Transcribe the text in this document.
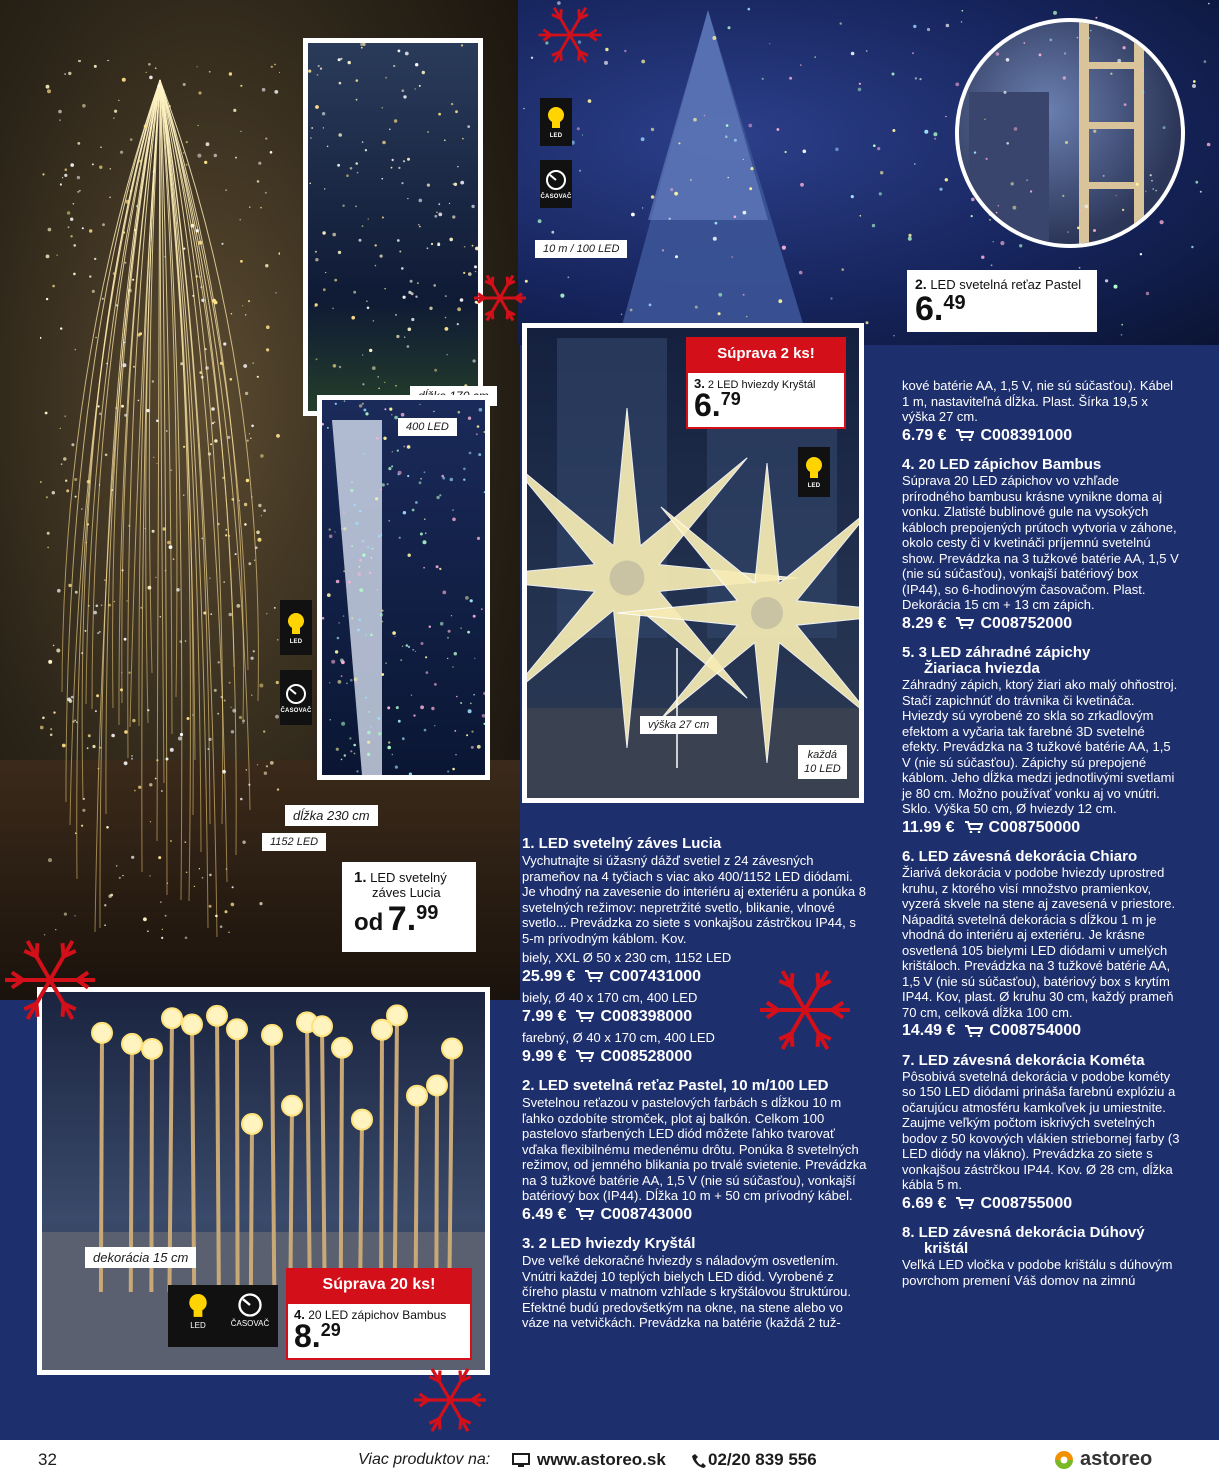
10 m / 100 LED
LED
ČASOVAČ
2. LED svetelná reťaz Pastel
6.49
400 LED
LED
ČASOVAČ
dĺžka 230 cm
1152 LED
1. LED svetelný
záves Lucia
od 7.99
Súprava 2 ks!
3. 2 LED hviezdy Kryštál
6.79
LED
výška 27 cm
každá
10 LED
dekorácia 15 cm
LED	ČASOVAČ
Súprava 20 ks!
4. 20 LED zápichov Bambus
8.29

1. LED svetelný záves Lucia

Vychutnajte si úžasný dážď svetiel z 24 závesných prameňov na 4 tyčiach s viac ako 400/1152 LED diódami. Je vhodný na zavesenie do interiéru aj exteriéru a ponúka 8 svetelných režimov: nepretržité svetlo, blikanie, vlnové svetlo... Prevádzka zo siete s vonkajšou zástrčkou IP44, s 5-m prívodným káblom. Kov.

biely, XXL Ø 50 x 230 cm, 1152 LED

25.99 € C007431000

biely, Ø 40 x 170 cm, 400 LED

7.99 € C008398000

farebný, Ø 40 x 170 cm, 400 LED

9.99 € C008528000

2. LED svetelná reťaz Pastel, 10 m/100 LED

Svetelnou reťazou v pastelových farbách s dĺžkou 10 m ľahko ozdobíte stromček, plot aj balkón. Celkom 100 pastelovo sfarbených LED diód môžete ľahko tvarovať vďaka flexibilnému medenému drôtu. Ponúka 8 svetelných režimov, od jemného blikania po trvalé svietenie. Prevádzka na 3 tužkové batérie AA, 1,5 V (nie sú súčasťou), vonkajší batériový box (IP44). Dĺžka 10 m + 50 cm prívodný kábel.

6.49 € C008743000

3. 2 LED hviezdy Kryštál

Dve veľké dekoračné hviezdy s náladovým osvetlením. Vnútri každej 10 teplých bielych LED diód. Vyrobené z číreho plastu v matnom vzhľade s kryštálovou štruktúrou. Efektné budú predovšetkým na okne, na stene alebo vo váze na vetvičkách. Prevádzka na batérie (každá 2 tuž-

kové batérie AA, 1,5 V, nie sú súčasťou). Kábel 1 m, nastaviteľná dĺžka. Plast. Šírka 19,5 x výška 27 cm.

6.79 € C008391000

4. 20 LED zápichov Bambus

Súprava 20 LED zápichov vo vzhľade prírodného bambusu krásne vynikne doma aj vonku. Zlatisté bublinové gule na vysokých kábloch prepojených prútoch vytvoria v záhone, okolo cesty či v kvetináči príjemnú svetelnú show. Prevádzka na 3 tužkové batérie AA, 1,5 V (nie sú súčasťou), vonkajší batériový box (IP44), so 6-hodinovým časovačom. Plast. Dekorácia 15 cm + 13 cm zápich.

8.29 € C008752000

5. 3 LED záhradné zápichy
Žiariaca hviezda

Záhradný zápich, ktorý žiari ako malý ohňostroj. Stačí zapichnúť do trávnika či kvetináča. Hviezdy sú vyrobené zo skla so zrkadlovým efektom a vyčaria tak farebné 3D svetelné efekty. Prevádzka na 3 tužkové batérie AA, 1,5 V (nie sú súčasťou). Zápichy sú prepojené káblom. Jeho dĺžka medzi jednotlivými svetlami je 80 cm. Možno používať vonku aj vo vnútri. Sklo. Výška 50 cm, Ø hviezdy 12 cm.

11.99 € C008750000

6. LED závesná dekorácia Chiaro

Žiarivá dekorácia v podobe hviezdy uprostred kruhu, z ktorého visí množstvo pramienkov, vyzerá skvele na stene aj zavesená v priestore. Nápaditá svetelná dekorácia s dĺžkou 1 m je vhodná do interiéru aj exteriéru. Je krásne osvetlená 105 bielymi LED diódami v umelých krištáloch. Prevádzka na 3 tužkové batérie AA, 1,5 V (nie sú súčasťou), batériový box s krytím IP44. Kov, plast. Ø kruhu 30 cm, každý prameň 70 cm, celková dĺžka 100 cm.

14.49 € C008754000

7. LED závesná dekorácia Kométa

Pôsobivá svetelná dekorácia v podobe kométy so 150 LED diódami prináša farebnú explóziu a očarujúcu atmosféru kamkoľvek ju umiestnite. Zaujme veľkým počtom iskrivých svetelných bodov z 50 kovových vlákien striebornej farby (3 LED diódy na vlákno). Prevádzka zo siete s vonkajšou zástrčkou IP44. Kov. Ø 28 cm, dĺžka kábla 5 m.

6.69 € C008755000

8. LED závesná dekorácia Dúhový
krištál

Veľká LED vločka v podobe krištálu s dúhovým povrchom premení Váš domov na zimnú

32	Viac produktov na:	www.astoreo.sk 02/20 839 556	astoreo
